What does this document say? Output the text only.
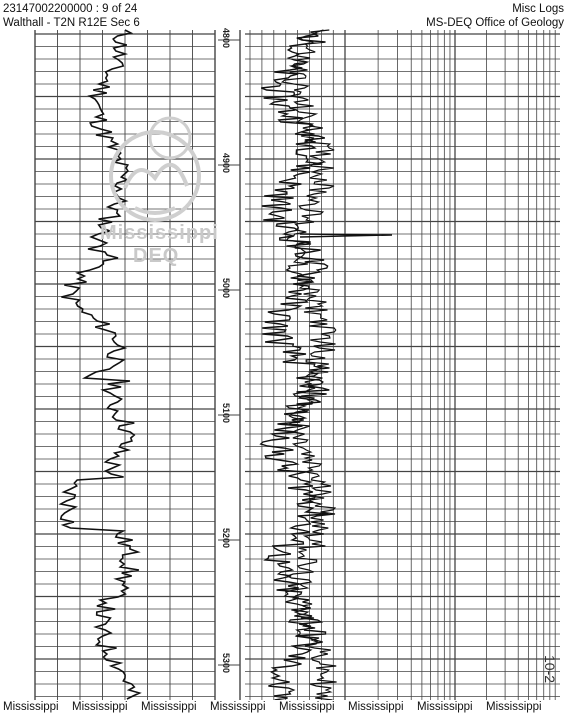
23147002200000 : 9 of 24
Walthall - T2N R12E Sec 6
Misc Logs
MS-DEQ Office of Geology
4800
4900
5000
5100
5200
5300	10-2
Mississippi
DEQ
Mississippi Mississippi Mississippi Mississippi Mississippi Mississippi Mississippi Mississippi
